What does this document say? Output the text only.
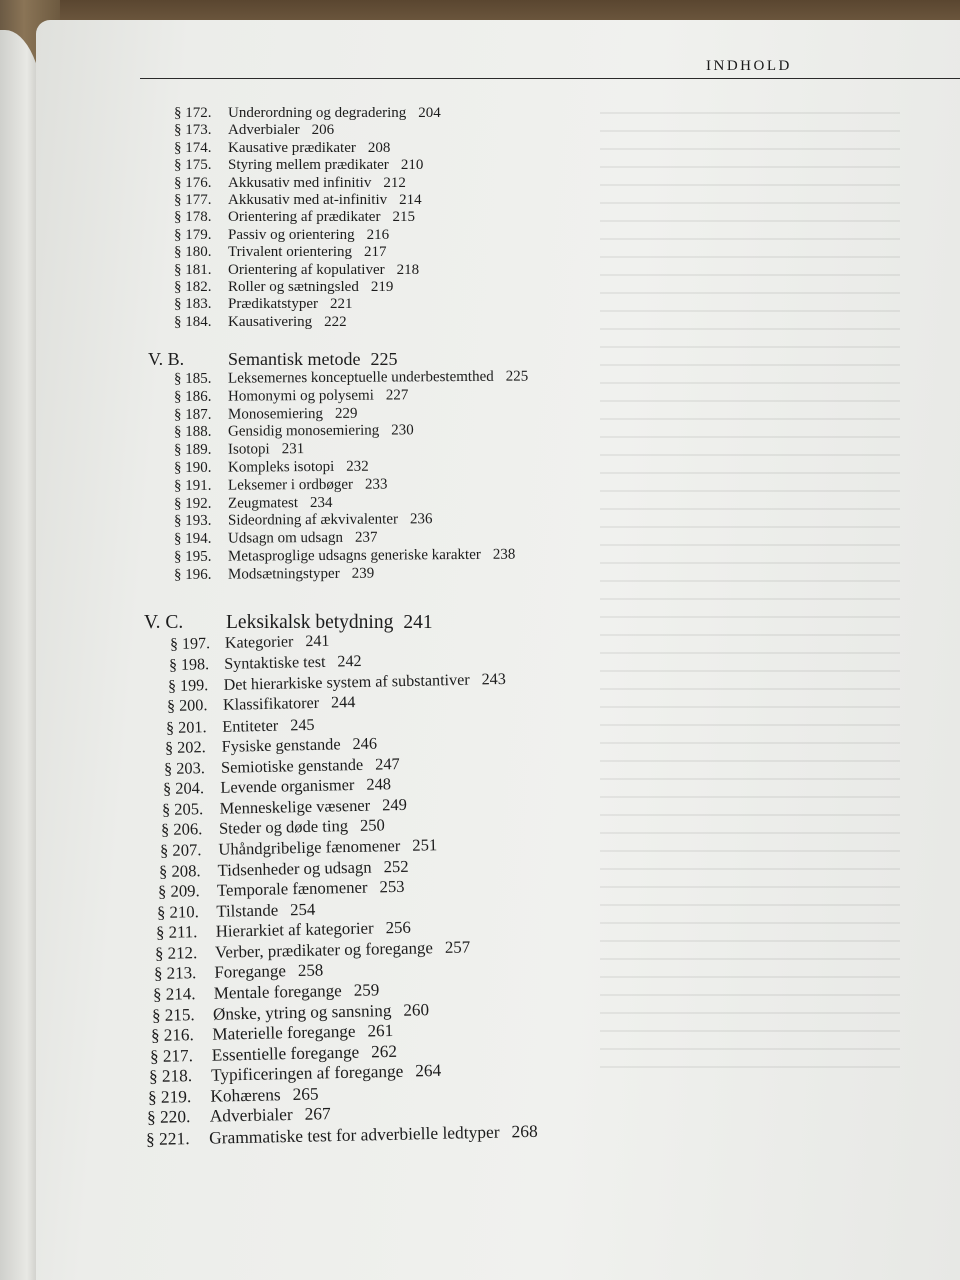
INDHOLD
§ 172. Underordning og degradering 204
§ 173. Adverbialer 206
§ 174. Kausative prædikater 208
§ 175. Styring mellem prædikater 210
§ 176. Akkusativ med infinitiv 212
§ 177. Akkusativ med at-infinitiv 214
§ 178. Orientering af prædikater 215
§ 179. Passiv og orientering 216
§ 180. Trivalent orientering 217
§ 181. Orientering af kopulativer 218
§ 182. Roller og sætningsled 219
§ 183. Prædikatstyper 221
§ 184. Kausativering 222
V. B. Semantisk metode 225
§ 185. Leksemernes konceptuelle underbestemthed 225
§ 186. Homonymi og polysemi 227
§ 187. Monosemiering 229
§ 188. Gensidig monosemiering 230
§ 189. Isotopi 231
§ 190. Kompleks isotopi 232
§ 191. Leksemer i ordbøger 233
§ 192. Zeugmatest 234
§ 193. Sideordning af ækvivalenter 236
§ 194. Udsagn om udsagn 237
§ 195. Metasproglige udsagns generiske karakter 238
§ 196. Modsætningstyper 239
V. C. Leksikalsk betydning 241
§ 197. Kategorier 241
§ 198. Syntaktiske test 242
§ 199. Det hierarkiske system af substantiver 243
§ 200. Klassifikatorer 244
§ 201. Entiteter 245
§ 202. Fysiske genstande 246
§ 203. Semiotiske genstande 247
§ 204. Levende organismer 248
§ 205. Menneskelige væsener 249
§ 206. Steder og døde ting 250
§ 207. Uhåndgribelige fænomener 251
§ 208. Tidsenheder og udsagn 252
§ 209. Temporale fænomener 253
§ 210. Tilstande 254
§ 211. Hierarkiet af kategorier 256
§ 212. Verber, prædikater og foregange 257
§ 213. Foregange 258
§ 214. Mentale foregange 259
§ 215. Ønske, ytring og sansning 260
§ 216. Materielle foregange 261
§ 217. Essentielle foregange 262
§ 218. Typificeringen af foregange 264
§ 219. Kohærens 265
§ 220. Adverbialer 267
§ 221. Grammatiske test for adverbielle ledtyper 268
